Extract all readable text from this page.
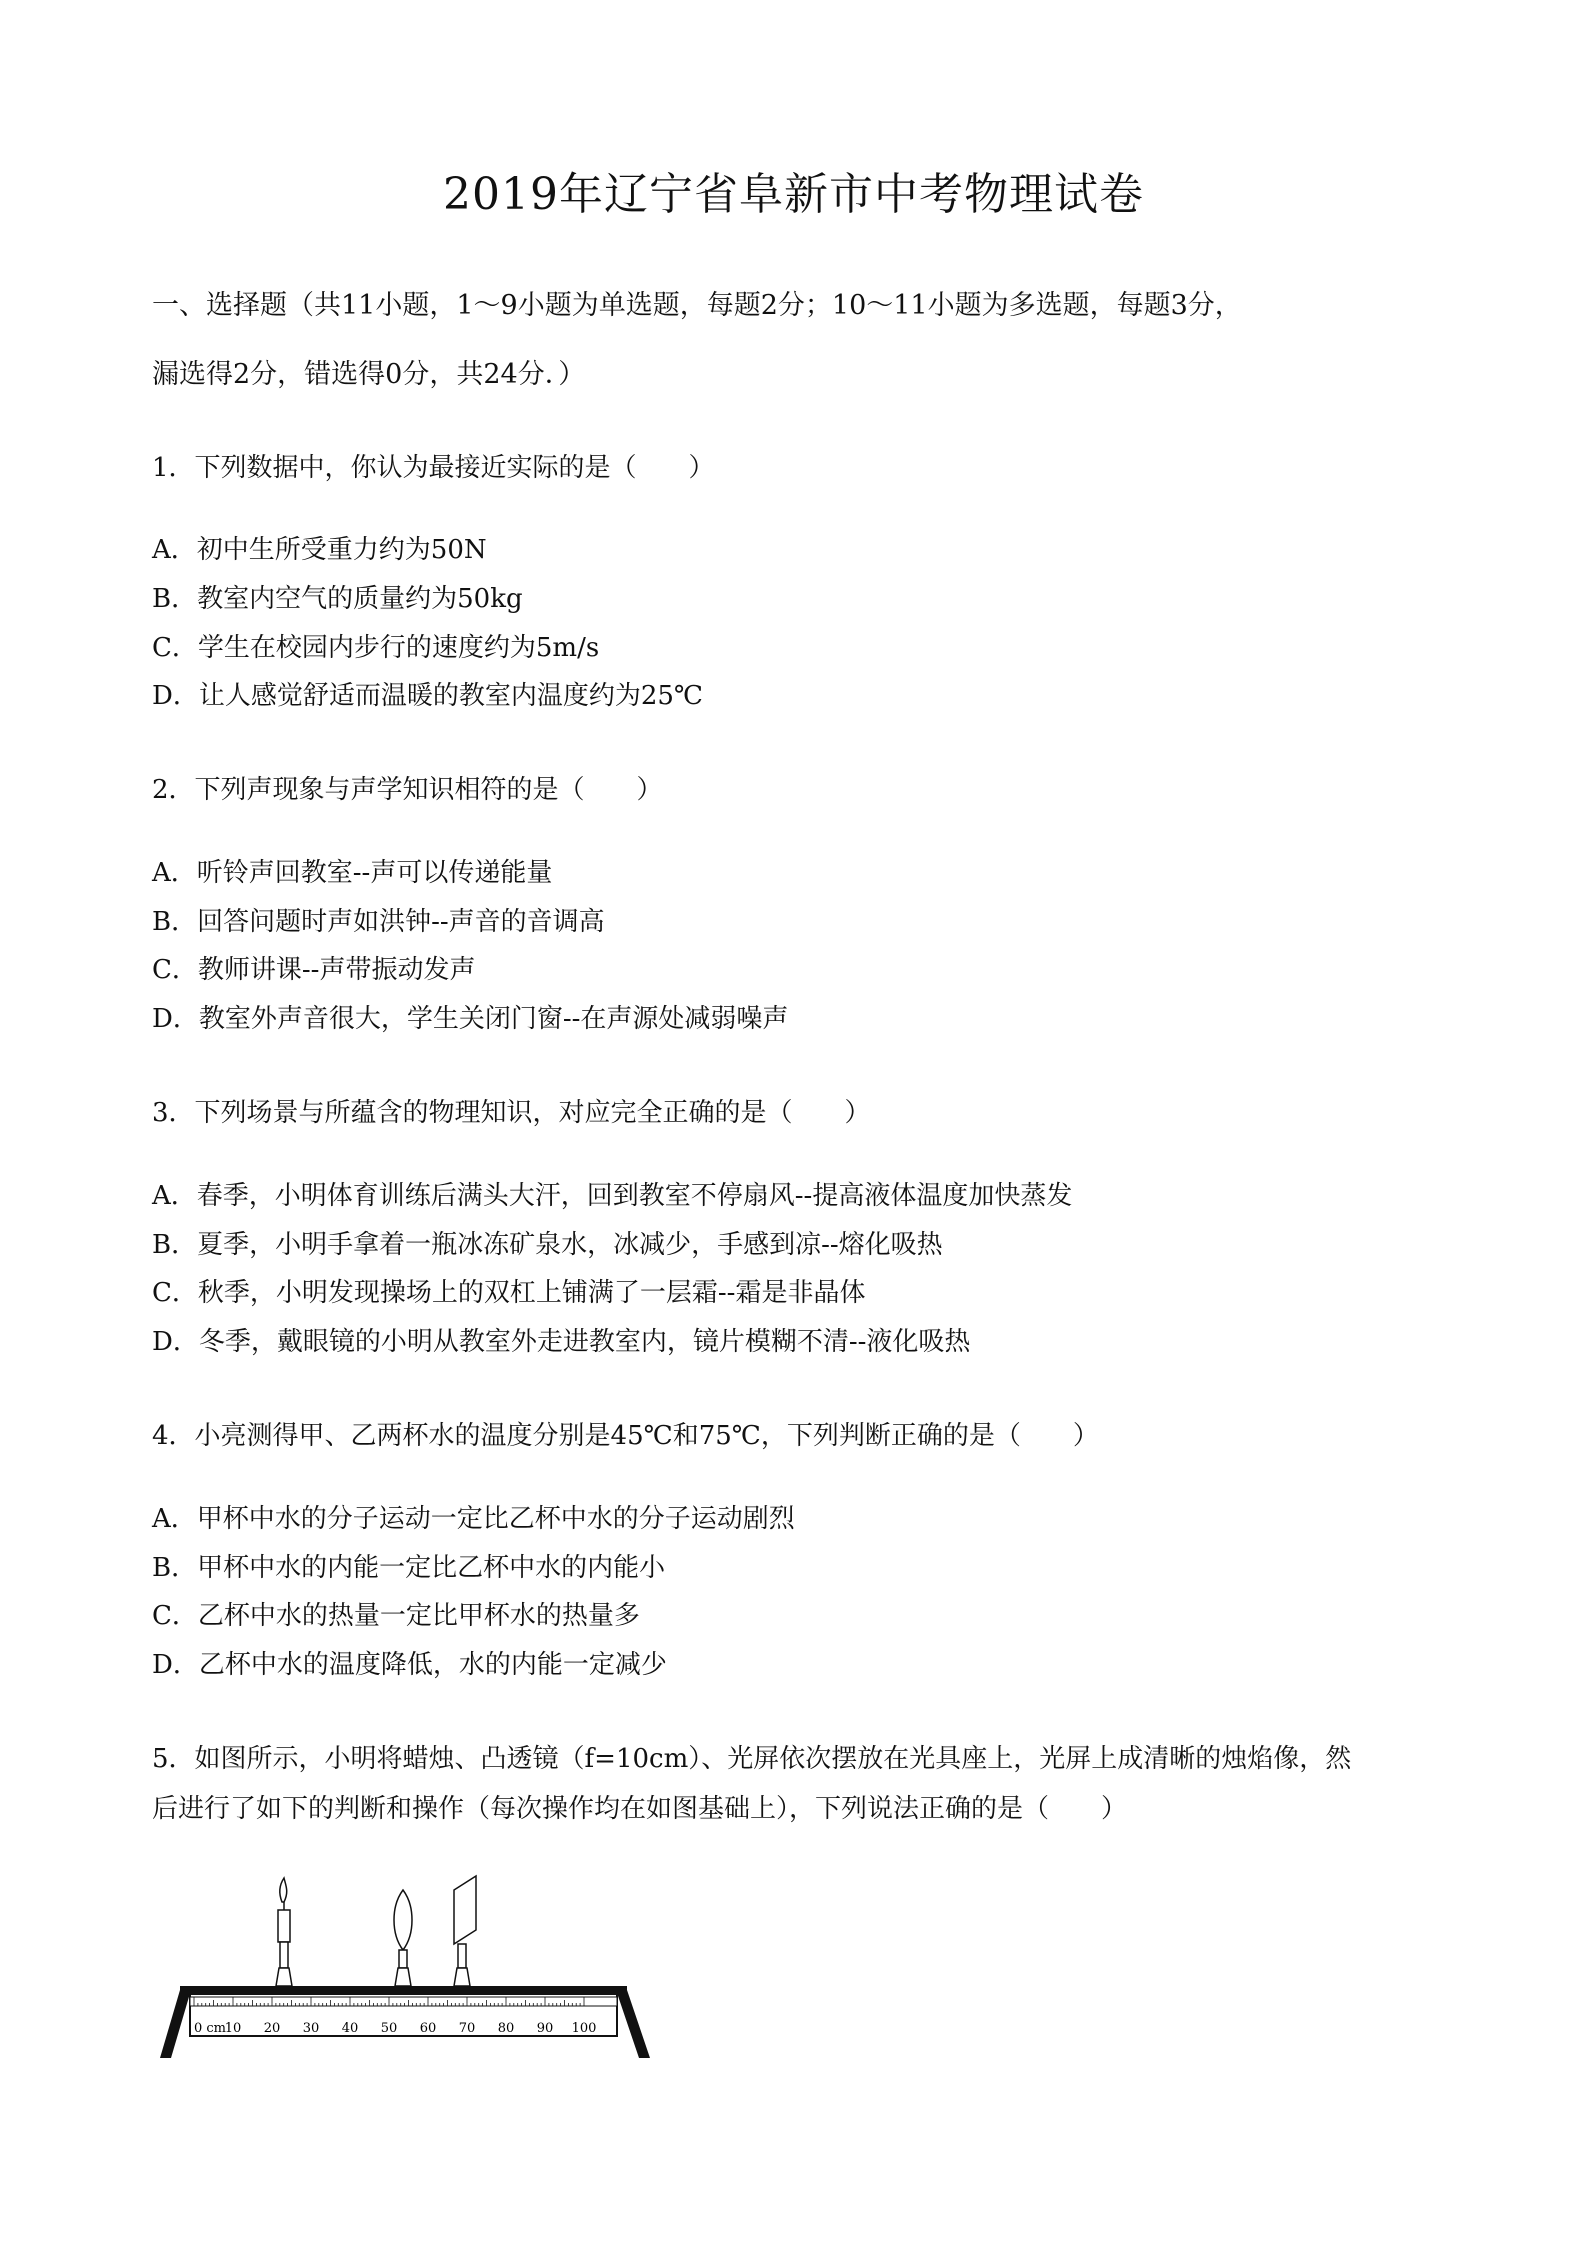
2019年辽宁省阜新市中考物理试卷
一、选择题（共11小题，1～9小题为单选题，每题2分；10～11小题为多选题，每题3分，
漏选得2分，错选得0分，共24分．）
1．下列数据中，你认为最接近实际的是（　　）
A．初中生所受重力约为50N
B．教室内空气的质量约为50kg
C．学生在校园内步行的速度约为5m/s
D．让人感觉舒适而温暖的教室内温度约为25℃
2．下列声现象与声学知识相符的是（　　）
A．听铃声回教室--声可以传递能量
B．回答问题时声如洪钟--声音的音调高
C．教师讲课--声带振动发声
D．教室外声音很大，学生关闭门窗--在声源处减弱噪声
3．下列场景与所蕴含的物理知识，对应完全正确的是（　　）
A．春季，小明体育训练后满头大汗，回到教室不停扇风--提高液体温度加快蒸发
B．夏季，小明手拿着一瓶冰冻矿泉水，冰减少，手感到凉--熔化吸热
C．秋季，小明发现操场上的双杠上铺满了一层霜--霜是非晶体
D．冬季，戴眼镜的小明从教室外走进教室内，镜片模糊不清--液化吸热
4．小亮测得甲、乙两杯水的温度分别是45℃和75℃，下列判断正确的是（　　）
A．甲杯中水的分子运动一定比乙杯中水的分子运动剧烈
B．甲杯中水的内能一定比乙杯中水的内能小
C．乙杯中水的热量一定比甲杯水的热量多
D．乙杯中水的温度降低，水的内能一定减少
5．如图所示，小明将蜡烛、凸透镜（f=10cm）、光屏依次摆放在光具座上，光屏上成清晰的烛焰像，然
后进行了如下的判断和操作（每次操作均在如图基础上），下列说法正确的是（　　）
0 cm
10 20 30 40 50 60 70 80 90 100
